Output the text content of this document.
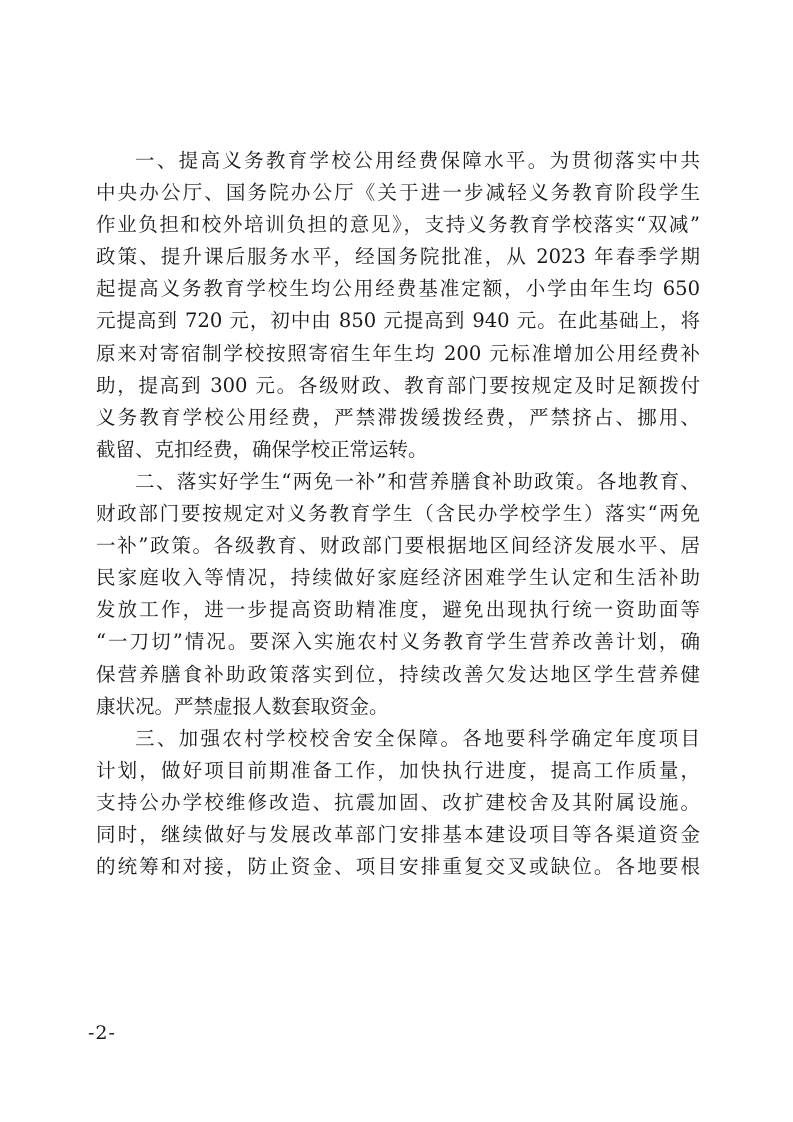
一、提高义务教育学校公用经费保障水平。为贯彻落实中共
中央办公厅、国务院办公厅《关于进一步减轻义务教育阶段学生
作业负担和校外培训负担的意见》，支持义务教育学校落实“双减”
政策、提升课后服务水平，经国务院批准，从 2023 年春季学期
起提高义务教育学校生均公用经费基准定额，小学由年生均 650
元提高到 720 元，初中由 850 元提高到 940 元。在此基础上，将
原来对寄宿制学校按照寄宿生年生均 200 元标准增加公用经费补
助，提高到 300 元。各级财政、教育部门要按规定及时足额拨付
义务教育学校公用经费，严禁滞拨缓拨经费，严禁挤占、挪用、
截留、克扣经费，确保学校正常运转。
二、落实好学生“两免一补”和营养膳食补助政策。各地教育、
财政部门要按规定对义务教育学生（含民办学校学生）落实“两免
一补”政策。各级教育、财政部门要根据地区间经济发展水平、居
民家庭收入等情况，持续做好家庭经济困难学生认定和生活补助
发放工作，进一步提高资助精准度，避免出现执行统一资助面等
“一刀切”情况。要深入实施农村义务教育学生营养改善计划，确
保营养膳食补助政策落实到位，持续改善欠发达地区学生营养健
康状况。严禁虚报人数套取资金。
三、加强农村学校校舍安全保障。各地要科学确定年度项目
计划，做好项目前期准备工作，加快执行进度，提高工作质量，
支持公办学校维修改造、抗震加固、改扩建校舍及其附属设施。
同时，继续做好与发展改革部门安排基本建设项目等各渠道资金
的统筹和对接，防止资金、项目安排重复交叉或缺位。各地要根
-2-
